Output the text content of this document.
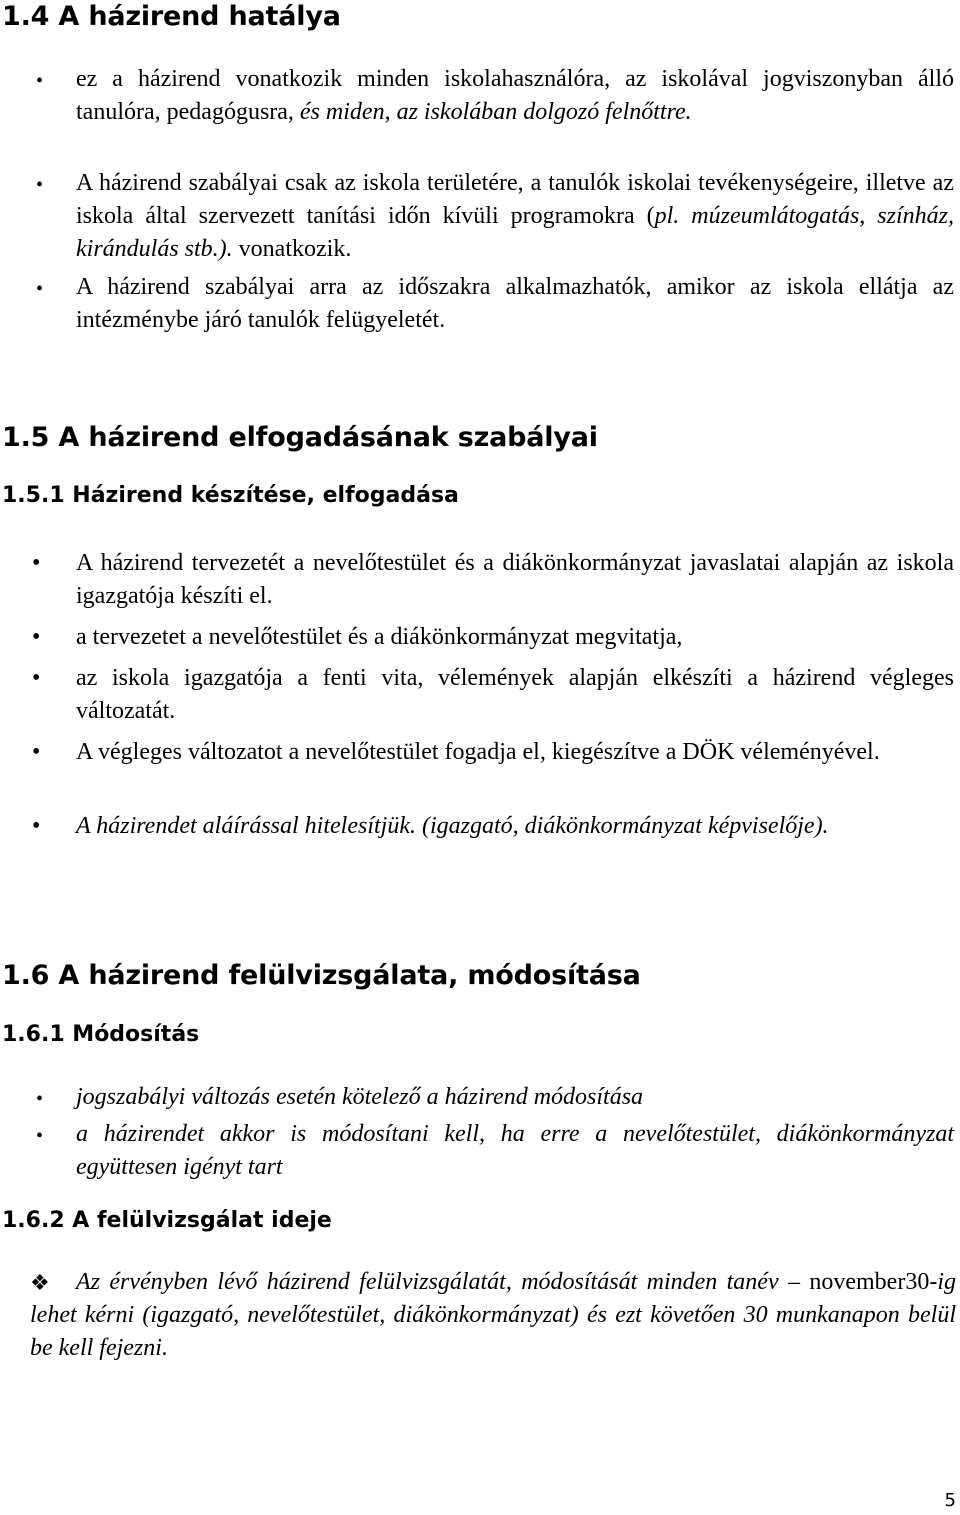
1.4 A házirend hatálya
• ez a házirend vonatkozik minden iskolahasználóra, az iskolával jogviszonyban álló tanulóra, pedagógusra, és miden, az iskolában dolgozó felnőttre.
• A házirend szabályai csak az iskola területére, a tanulók iskolai tevékenységeire, illetve az iskola által szervezett tanítási időn kívüli programokra (pl. múzeumlátogatás, színház, kirándulás stb.). vonatkozik.
• A házirend szabályai arra az időszakra alkalmazhatók, amikor az iskola ellátja az intézménybe járó tanulók felügyeletét.
1.5 A házirend elfogadásának szabályai
1.5.1 Házirend készítése, elfogadása
• A házirend tervezetét a nevelőtestület és a diákönkormányzat javaslatai alapján az iskola igazgatója készíti el.
• a tervezetet a nevelőtestület és a diákönkormányzat megvitatja,
• az iskola igazgatója a fenti vita, vélemények alapján elkészíti a házirend végleges változatát.
• A végleges változatot a nevelőtestület fogadja el, kiegészítve a DÖK véleményével.
• A házirendet aláírással hitelesítjük. (igazgató, diákönkormányzat képviselője).
1.6 A házirend felülvizsgálata, módosítása
1.6.1 Módosítás
• jogszabályi változás esetén kötelező a házirend módosítása
• a házirendet akkor is módosítani kell, ha erre a nevelőtestület, diákönkormányzat együttesen igényt tart
1.6.2 A felülvizsgálat ideje
❖	Az érvényben lévő házirend felülvizsgálatát, módosítását minden tanév – november30-ig lehet kérni (igazgató, nevelőtestület, diákönkormányzat) és ezt követően 30 munkanapon belül be kell fejezni.
5
